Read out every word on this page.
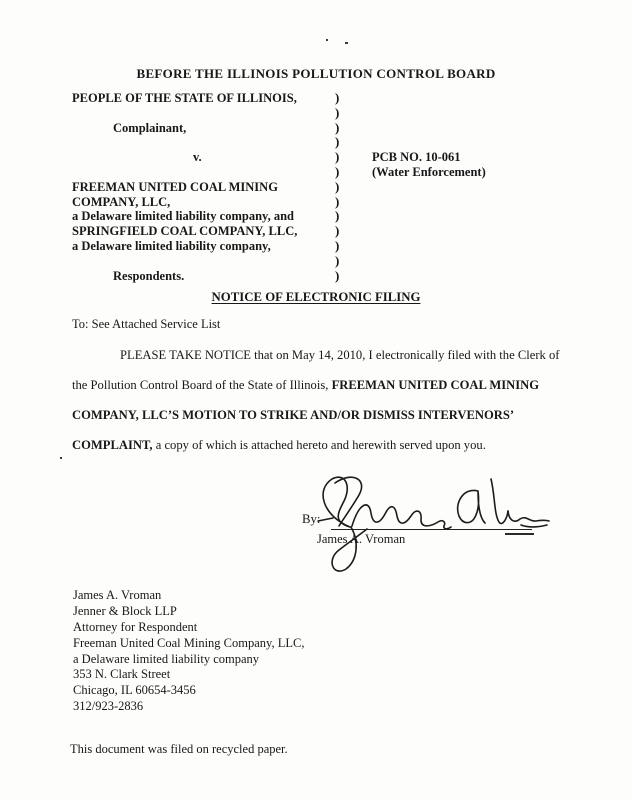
BEFORE THE ILLINOIS POLLUTION CONTROL BOARD
PEOPLE OF THE STATE OF ILLINOIS,
Complainant,
v.
FREEMAN UNITED COAL MINING
COMPANY, LLC,
a Delaware limited liability company, and
SPRINGFIELD COAL COMPANY, LLC,
a Delaware limited liability company,
Respondents.
)
)
)
)
)
)
)
)
)
)
)
)
)
PCB NO. 10-061
(Water Enforcement)
NOTICE OF ELECTRONIC FILING
To: See Attached Service List
PLEASE TAKE NOTICE that on May 14, 2010, I electronically filed with the Clerk of
the Pollution Control Board of the State of Illinois, FREEMAN UNITED COAL MINING
COMPANY, LLC’S MOTION TO STRIKE AND/OR DISMISS INTERVENORS’
COMPLAINT, a copy of which is attached hereto and herewith served upon you.
By:
James A. Vroman
James A. Vroman
Jenner & Block LLP
Attorney for Respondent
Freeman United Coal Mining Company, LLC,
a Delaware limited liability company
353 N. Clark Street
Chicago, IL 60654-3456
312/923-2836
This document was filed on recycled paper.
